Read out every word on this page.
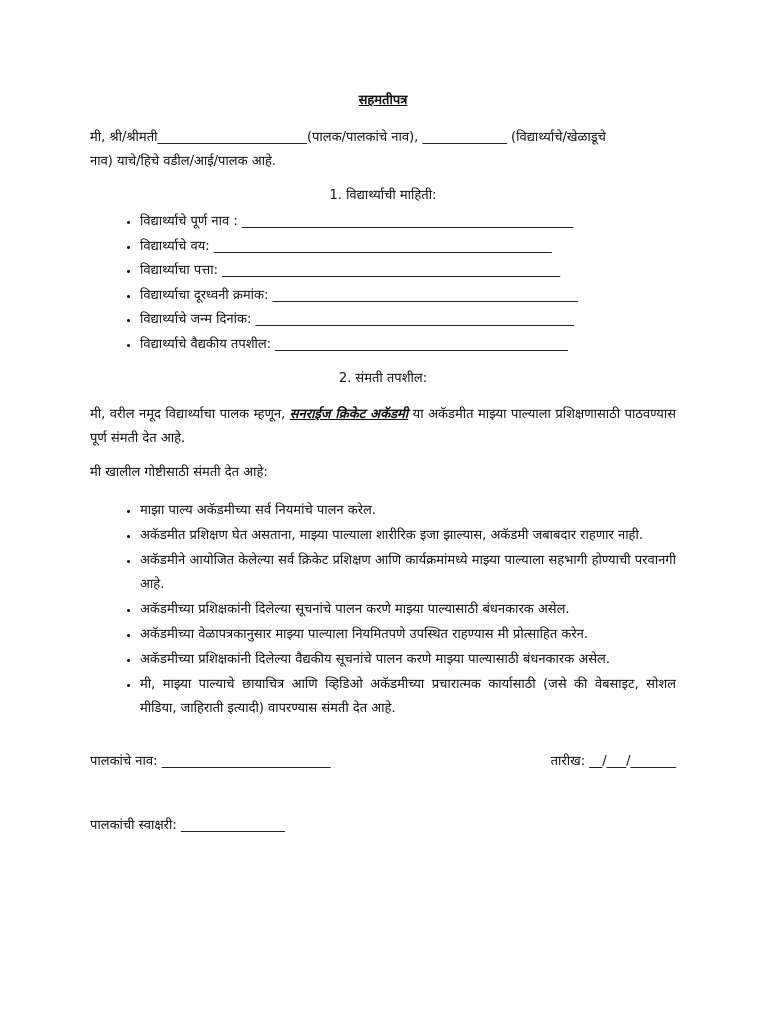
सहमतीपत्र

मी, श्री/श्रीमती_______________________(पालक/पालकांचे नाव), _____________ (विद्यार्थ्याचे/खेळाडूचे

नाव) याचे/हिचे वडील/आई/पालक आहे.

1. विद्यार्थ्याची माहिती:
• विद्यार्थ्याचे पूर्ण नाव : ___________________________________________________
• विद्यार्थ्याचे वय: ____________________________________________________
• विद्यार्थ्याचा पत्ता: ____________________________________________________
• विद्यार्थ्याचा दूरध्वनी क्रमांक: _______________________________________________
• विद्यार्थ्याचे जन्म दिनांक: _________________________________________________
• विद्यार्थ्याचे वैद्यकीय तपशील: _____________________________________________
2. संमती तपशील:

मी, वरील नमूद विद्यार्थ्याचा पालक म्हणून, सनराईज क्रिकेट अकॅडमी या अकॅडमीत माझ्या पाल्याला प्रशिक्षणासाठी पाठवण्यास पूर्ण संमती देत आहे.

मी खालील गोष्टीसाठी संमती देत आहे:

• माझा पाल्य अकॅडमीच्या सर्व नियमांचे पालन करेल.
• अकॅडमीत प्रशिक्षण घेत असताना, माझ्या पाल्याला शारीरिक इजा झाल्यास, अकॅडमी जबाबदार राहणार नाही.
• अकॅडमीने आयोजित केलेल्या सर्व क्रिकेट प्रशिक्षण आणि कार्यक्रमांमध्ये माझ्या पाल्याला सहभागी होण्याची परवानगी आहे.
• अकॅडमीच्या प्रशिक्षकांनी दिलेल्या सूचनांचे पालन करणे माझ्या पाल्यासाठी बंधनकारक असेल.
• अकॅडमीच्या वेळापत्रकानुसार माझ्या पाल्याला नियमितपणे उपस्थित राहण्यास मी प्रोत्साहित करेन.
• अकॅडमीच्या प्रशिक्षकांनी दिलेल्या वैद्यकीय सूचनांचे पालन करणे माझ्या पाल्यासाठी बंधनकारक असेल.
• मी, माझ्या पाल्याचे छायाचित्र आणि व्हिडिओ अकॅडमीच्या प्रचारात्मक कार्यासाठी (जसे की वेबसाइट, सोशल मीडिया, जाहिराती इत्यादी) वापरण्यास संमती देत आहे.
पालकांचे नाव: __________________________	तारीख: __/___/_______
पालकांची स्वाक्षरी: ________________
